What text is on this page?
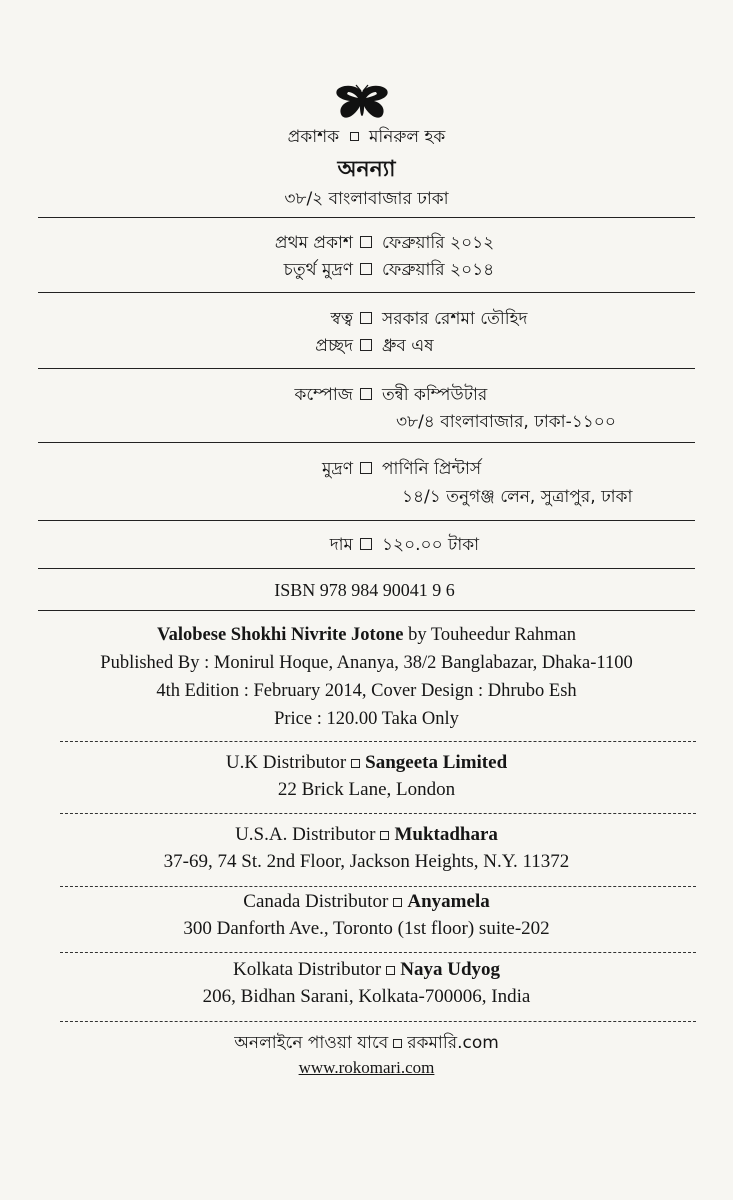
প্রকাশক মনিরুল হক
অনন্যা
৩৮/২ বাংলাবাজার ঢাকা
প্রথম প্রকাশ ফেব্রুয়ারি ২০১২
চতুর্থ মুদ্রণ ফেব্রুয়ারি ২০১৪
স্বত্ব সরকার রেশমা তৌহিদ
প্রচ্ছদ ধ্রুব এষ
কম্পোজ তন্বী কম্পিউটার
৩৮/৪ বাংলাবাজার, ঢাকা-১১০০
মুদ্রণ পাণিনি প্রিন্টার্স
১৪/১ তনুগঞ্জ লেন, সুত্রাপুর, ঢাকা
দাম ১২০.০০ টাকা
ISBN 978 984 90041 9 6
Valobese Shokhi Nivrite Jotone by Touheedur Rahman
Published By : Monirul Hoque, Ananya, 38/2 Banglabazar, Dhaka-1100
4th Edition : February 2014, Cover Design : Dhrubo Esh
Price : 120.00 Taka Only
U.K Distributor Sangeeta Limited
22 Brick Lane, London
U.S.A. Distributor Muktadhara
37-69, 74 St. 2nd Floor, Jackson Heights, N.Y. 11372
Canada Distributor Anyamela
300 Danforth Ave., Toronto (1st floor) suite-202
Kolkata Distributor Naya Udyog
206, Bidhan Sarani, Kolkata-700006, India
অনলাইনে পাওয়া যাবে রকমারি.com
www.rokomari.com
